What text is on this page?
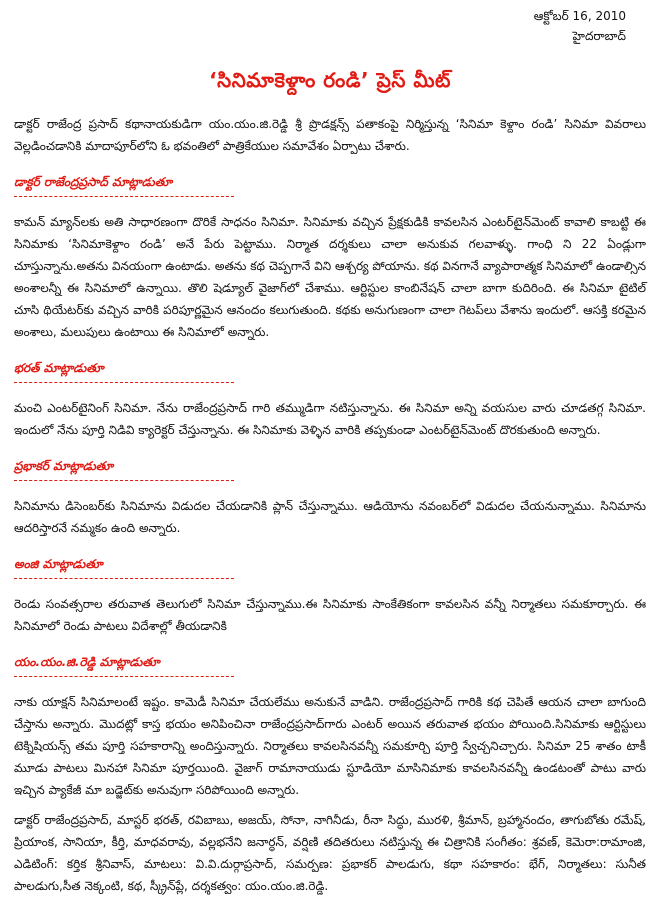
ఆక్టోబర్ 16, 2010
హైదరాబాద్
‘సినిమాకెళ్దాం రండి’ ప్రెస్ మీట్

డాక్టర్ రాజేంద్ర ప్రసాద్ కథానాయకుడిగా యం.యం.జి.రెడ్డి శ్రీ ప్రొడక్షన్స్ పతాకంపై నిర్మిస్తున్న ‘సినిమా కెళ్దాం రండి’ సినిమా వివరాలు వెల్లడించడానికి మాదాపూర్‌లోని ఓ భవంతిలో పాత్రికేయుల సమావేశం ఏర్పాటు చేశారు.

డాక్టర్ రాజేంద్రప్రసాద్ మాట్లాడుతూ

కామన్ మ్యాన్‌లకు అతి సాధారణంగా దొరికే సాధనం సినిమా. సినిమాకు వచ్చిన ప్రేక్షకుడికి కావలసిన ఎంటర్‌టైన్‌మెంట్ కావాలి కాబట్టి ఈ సినిమాకు ‘సినిమాకెళ్దాం రండి’ అనే పేరు పెట్టాము. నిర్మాత దర్శకులు చాలా అనుకువ గలవాళ్ళు. గాంధి ని 22 ఏండ్లుగా చూస్తున్నాను.అతను వినయంగా ఉంటాడు. అతను కథ చెప్పగానే విని ఆశ్చర్య పోయాను. కథ వినగానే వ్యాపారాత్మక సినిమాలో ఉండాల్సిన అంశాలన్నీ ఈ సినిమాలో ఉన్నాయి. తొలి షెడ్యూల్ వైజాగ్‌లో చేశాము. ఆర్టిస్టుల కాంబినేషన్ చాలా బాగా కుదిరింది. ఈ సినిమా టైటిల్ చూసి థియేటర్‌కు వచ్చిన వారికి పరిపూర్ణమైన ఆనందం కలుగుతుంది. కథకు అనుగుణంగా చాలా గెటప్‌లు వేశాను ఇందులో. ఆసక్తి కరమైన అంశాలు, మలుపులు ఉంటాయి ఈ సినిమాలో అన్నారు.

భరత్ మాట్లాడుతూ

మంచి ఎంటర్‌టైనింగ్ సినిమా. నేను రాజేంద్రప్రసాద్ గారి తమ్ముడిగా నటిస్తున్నాను. ఈ సినిమా అన్ని వయసుల వారు చూడతగ్గ సినిమా. ఇందులో నేను పూర్తి నిడివి క్యారెక్టర్ చేస్తున్నాను. ఈ సినిమాకు వెళ్ళిన వారికి తప్పకుండా ఎంటర్‌టైన్‌మెంట్ దొరకుతుంది అన్నారు.

ప్రభాకర్ మాట్లాడుతూ

సినిమాను డిసెంబర్‌కు సినిమాను విడుదల చేయడానికి ప్లాన్ చేస్తున్నాము. ఆడియోను నవంబర్‌లో విడుదల చేయనున్నాము. సినిమాను ఆదరిస్తారనే నమ్మకం ఉంది అన్నారు.

అంజి మాట్లాడుతూ

రెండు సంవత్సరాల తరువాత తెలుగులో సినిమా చేస్తున్నాము.ఈ సినిమాకు సాంకేతికంగా కావలసిన వన్నీ నిర్మాతలు సమకూర్చారు. ఈ సినిమాలో రెండు పాటలు విదేశాల్లో తీయడానికి

యం.యం.జి.రెడ్డి మాట్లాడుతూ

నాకు యాక్షన్ సినిమాలంటే ఇష్టం. కామెడీ సినిమా చేయలేము అనుకునే వాడిని. రాజేంద్రప్రసాద్ గారికి కథ చెపితే ఆయన చాలా బాగుంది చేస్తాను అన్నారు. మొదట్లో కాస్త భయం అనిపించినా రాజేంద్రప్రసాద్‌గారు ఎంటర్ అయిన తరువాత భయం పోయింది.సినిమాకు ఆర్టిస్టులు టెక్నిషియన్స్ తమ పూర్తి సహకారాన్ని అందిస్తున్నారు. నిర్మాతలు కావలసినవన్నీ సమకూర్చి పూర్తి స్వేచ్చనిచ్చారు. సినిమా 25 శాతం టాకీ మూడు పాటలు మినహా సినిమా పూర్తయింది. వైజాగ్ రామానాయుడు స్టూడియో మాసినిమాకు కావలసినవన్నీ ఉండటంతో పాటు వారు ఇచ్చిన ప్యాకేజీ మా బడ్జెట్‌కు అనువుగా సరిపోయింది అన్నారు.

డాక్టర్ రాజేంద్రప్రసాద్, మాస్టర్ భరత్, రవిబాబు, అజయ్, సోనా, నాగినీడు, రీనా సిద్ధు, మురళి, శ్రీమాన్, బ్రహ్మానందం, తాగుబోతు రమేష్, ప్రియాంక, సానియా, కీర్తి, మాధవరావు, వల్లభనేని జనార్ధన్, వర్షిణి తదితరులు నటిస్తున్న ఈ చిత్రానికి సంగీతం: శ్రవణ్, కెమెరా:రామాంజి, ఎడిటింగ్: కర్తిక శ్రీనివాస్, మాటలు: వి.వి.దుర్గాప్రసాద్, సమర్పణ: ప్రభాకర్ పాలడుగు, కథా సహకారం: భేగ్, నిర్మాతలు: సునీత పాలడుగు,సీత నెక్కంటి, కథ, స్క్రీన్‌ప్లే, దర్శకత్వం: యం.యం.జి.రెడ్డి.
